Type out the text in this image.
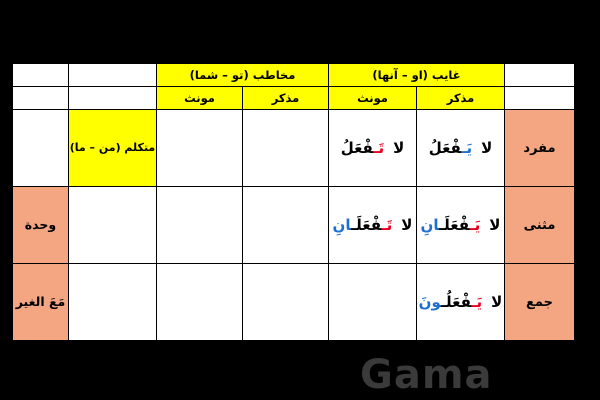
	غایب (او – آنها)		مخاطب (تو – شما)			
	مذکر	مونث	مذکر	مونث		
مفرد	لایَـفْعَلُ	لاتَـفْعَلُ			متکلم (من – ما)	
مثنی	لایَـفْعَلَـانِ	لاتَـفْعَلَـانِ				وحدة
جمع	لایَـفْعَلُـونَ					مَعَ الغیر
Gama
